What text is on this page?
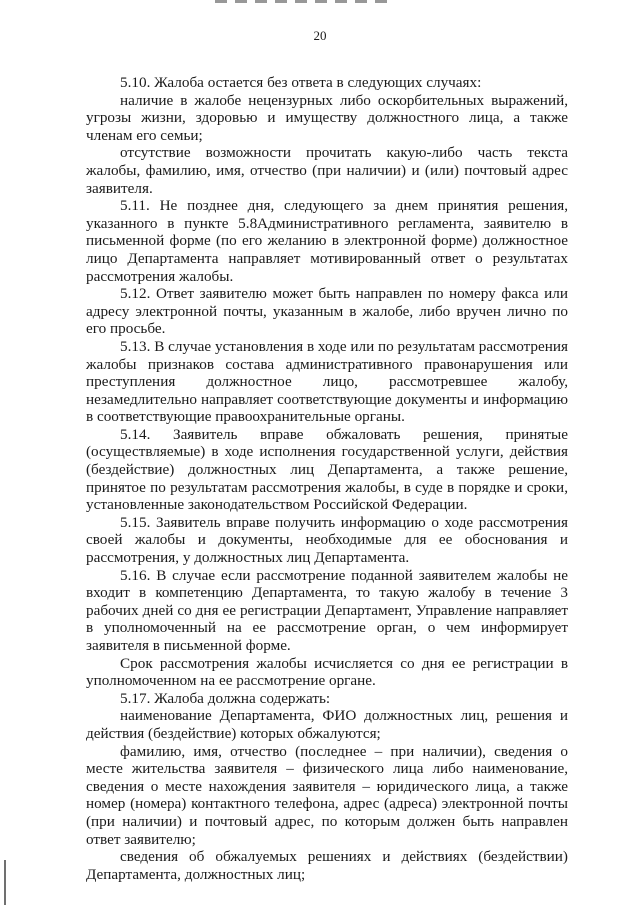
20

5.10. Жалоба остается без ответа в следующих случаях:

наличие в жалобе нецензурных либо оскорбительных выражений, угрозы жизни, здоровью и имуществу должностного лица, а также членам его семьи;

отсутствие возможности прочитать какую-либо часть текста жалобы, фамилию, имя, отчество (при наличии) и (или) почтовый адрес заявителя.

5.11. Не позднее дня, следующего за днем принятия решения, указанного в пункте 5.8Административного регламента, заявителю в письменной форме (по его желанию в электронной форме) должностное лицо Департамента направляет мотивированный ответ о результатах рассмотрения жалобы.

5.12. Ответ заявителю может быть направлен по номеру факса или адресу электронной почты, указанным в жалобе, либо вручен лично по его просьбе.

5.13. В случае установления в ходе или по результатам рассмотрения жалобы признаков состава административного правонарушения или преступления должностное лицо, рассмотревшее жалобу, незамедлительно направляет соответствующие документы и информацию в соответствующие правоохранительные органы.

5.14. Заявитель вправе обжаловать решения, принятые (осуществляемые) в ходе исполнения государственной услуги, действия (бездействие) должностных лиц Департамента, а также решение, принятое по результатам рассмотрения жалобы, в суде в порядке и сроки, установленные законодательством Российской Федерации.

5.15. Заявитель вправе получить информацию о ходе рассмотрения своей жалобы и документы, необходимые для ее обоснования и рассмотрения, у должностных лиц Департамента.

5.16. В случае если рассмотрение поданной заявителем жалобы не входит в компетенцию Департамента, то такую жалобу в течение 3 рабочих дней со дня ее регистрации Департамент, Управление направляет в уполномоченный на ее рассмотрение орган, о чем информирует заявителя в письменной форме.

Срок рассмотрения жалобы исчисляется со дня ее регистрации в уполномоченном на ее рассмотрение органе.

5.17. Жалоба должна содержать:

наименование Департамента, ФИО должностных лиц, решения и действия (бездействие) которых обжалуются;

фамилию, имя, отчество (последнее – при наличии), сведения о месте жительства заявителя – физического лица либо наименование, сведения о месте нахождения заявителя – юридического лица, а также номер (номера) контактного телефона, адрес (адреса) электронной почты (при наличии) и почтовый адрес, по которым должен быть направлен ответ заявителю;

сведения об обжалуемых решениях и действиях (бездействии) Департамента, должностных лиц;
